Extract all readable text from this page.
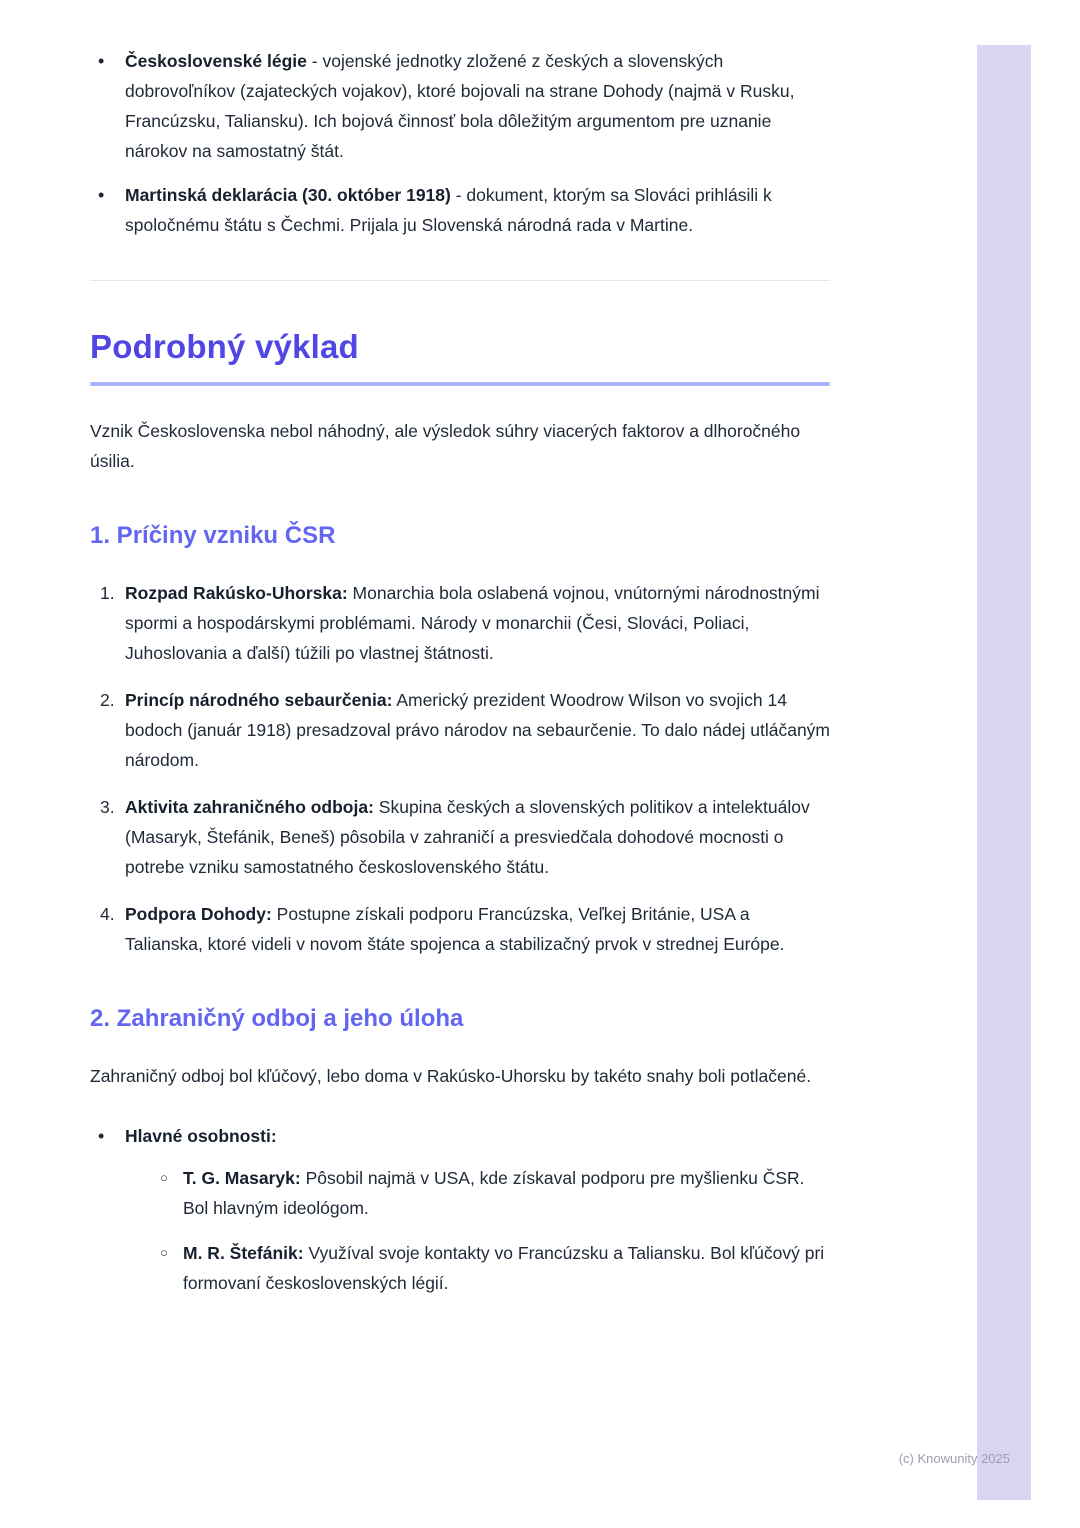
•	Československé légie - vojenské jednotky zložené z českých a slovenských dobrovoľníkov (zajateckých vojakov), ktoré bojovali na strane Dohody (najmä v Rusku, Francúzsku, Taliansku). Ich bojová činnosť bola dôležitým argumentom pre uznanie nárokov na samostatný štát.
•	Martinská deklarácia (30. október 1918) - dokument, ktorým sa Slováci prihlásili k spoločnému štátu s Čechmi. Prijala ju Slovenská národná rada v Martine.
Podrobný výklad

Vznik Československa nebol náhodný, ale výsledok súhry viacerých faktorov a dlhoročného úsilia.

1. Príčiny vzniku ČSR
1. Rozpad Rakúsko-Uhorska: Monarchia bola oslabená vojnou, vnútornými národnostnými spormi a hospodárskymi problémami. Národy v monarchii (Česi, Slováci, Poliaci, Juhoslovania a ďalší) túžili po vlastnej štátnosti.
2. Princíp národného sebaurčenia: Americký prezident Woodrow Wilson vo svojich 14 bodoch (január 1918) presadzoval právo národov na sebaurčenie. To dalo nádej utláčaným národom.
3. Aktivita zahraničného odboja: Skupina českých a slovenských politikov a intelektuálov (Masaryk, Štefánik, Beneš) pôsobila v zahraničí a presviedčala dohodové mocnosti o potrebe vzniku samostatného československého štátu.
4. Podpora Dohody: Postupne získali podporu Francúzska, Veľkej Británie, USA a Talianska, ktoré videli v novom štáte spojenca a stabilizačný prvok v strednej Európe.
2. Zahraničný odboj a jeho úloha

Zahraničný odboj bol kľúčový, lebo doma v Rakúsko-Uhorsku by takéto snahy boli potlačené.

•	Hlavné osobnosti:
○ T. G. Masaryk: Pôsobil najmä v USA, kde získaval podporu pre myšlienku ČSR. Bol hlavným ideológom.
○ M. R. Štefánik: Využíval svoje kontakty vo Francúzsku a Taliansku. Bol kľúčový pri formovaní československých légií.
(c) Knowunity 2025
